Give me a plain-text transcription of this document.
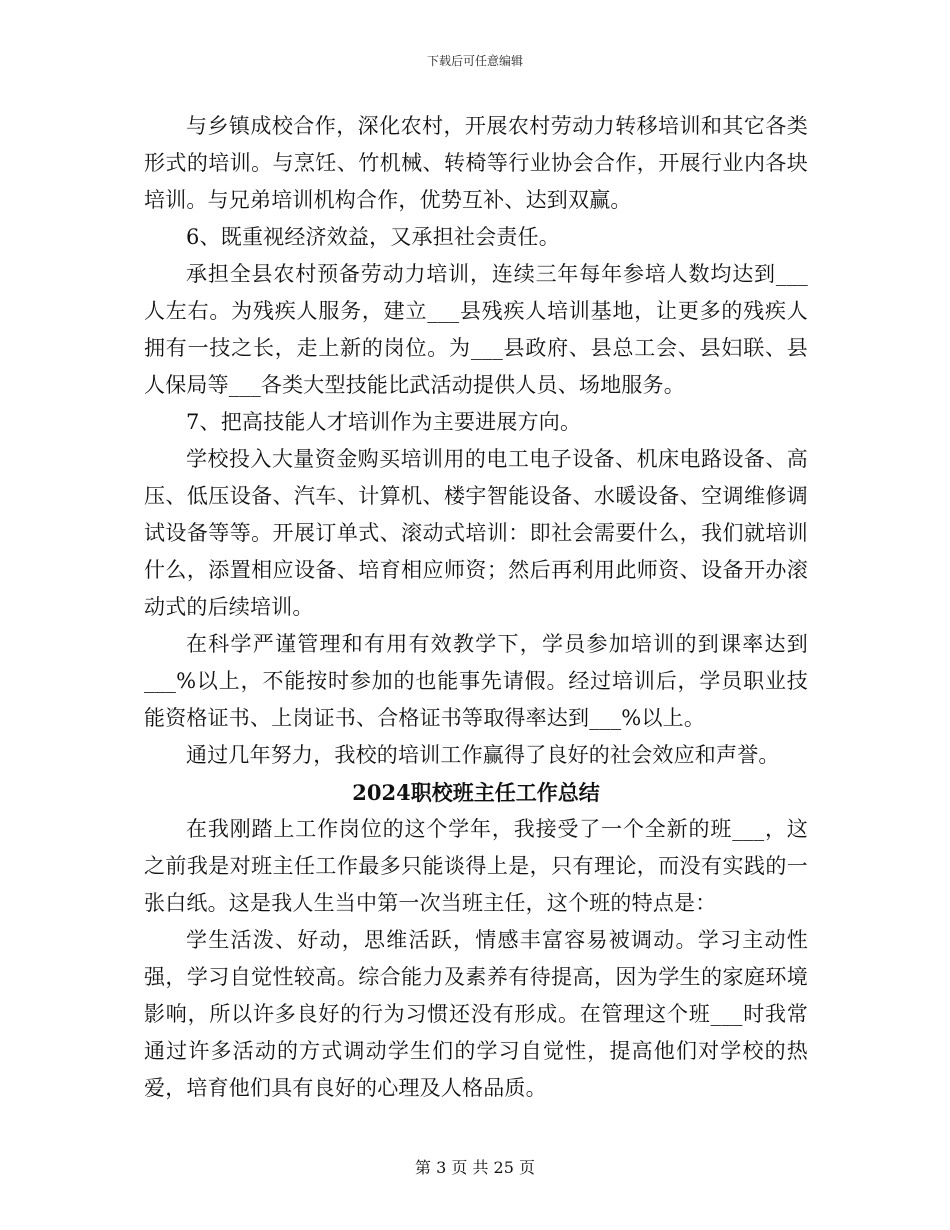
下载后可任意编辑

与乡镇成校合作，深化农村，开展农村劳动力转移培训和其它各类形式的培训。与烹饪、竹机械、转椅等行业协会合作，开展行业内各块培训。与兄弟培训机构合作，优势互补、达到双赢。

6、既重视经济效益，又承担社会责任。

承担全县农村预备劳动力培训，连续三年每年参培人数均达到___人左右。为残疾人服务，建立___县残疾人培训基地，让更多的残疾人拥有一技之长，走上新的岗位。为___县政府、县总工会、县妇联、县人保局等___各类大型技能比武活动提供人员、场地服务。

7、把高技能人才培训作为主要进展方向。

学校投入大量资金购买培训用的电工电子设备、机床电路设备、高压、低压设备、汽车、计算机、楼宇智能设备、水暖设备、空调维修调试设备等等。开展订单式、滚动式培训：即社会需要什么，我们就培训什么，添置相应设备、培育相应师资；然后再利用此师资、设备开办滚动式的后续培训。

在科学严谨管理和有用有效教学下，学员参加培训的到课率达到___%以上，不能按时参加的也能事先请假。经过培训后，学员职业技能资格证书、上岗证书、合格证书等取得率达到___%以上。

通过几年努力，我校的培训工作赢得了良好的社会效应和声誉。

2024职校班主任工作总结

在我刚踏上工作岗位的这个学年，我接受了一个全新的班___，这之前我是对班主任工作最多只能谈得上是，只有理论，而没有实践的一张白纸。这是我人生当中第一次当班主任，这个班的特点是：

学生活泼、好动，思维活跃，情感丰富容易被调动。学习主动性强，学习自觉性较高。综合能力及素养有待提高，因为学生的家庭环境影响，所以许多良好的行为习惯还没有形成。在管理这个班___时我常通过许多活动的方式调动学生们的学习自觉性，提高他们对学校的热爱，培育他们具有良好的心理及人格品质。

第 3 页 共 25 页
